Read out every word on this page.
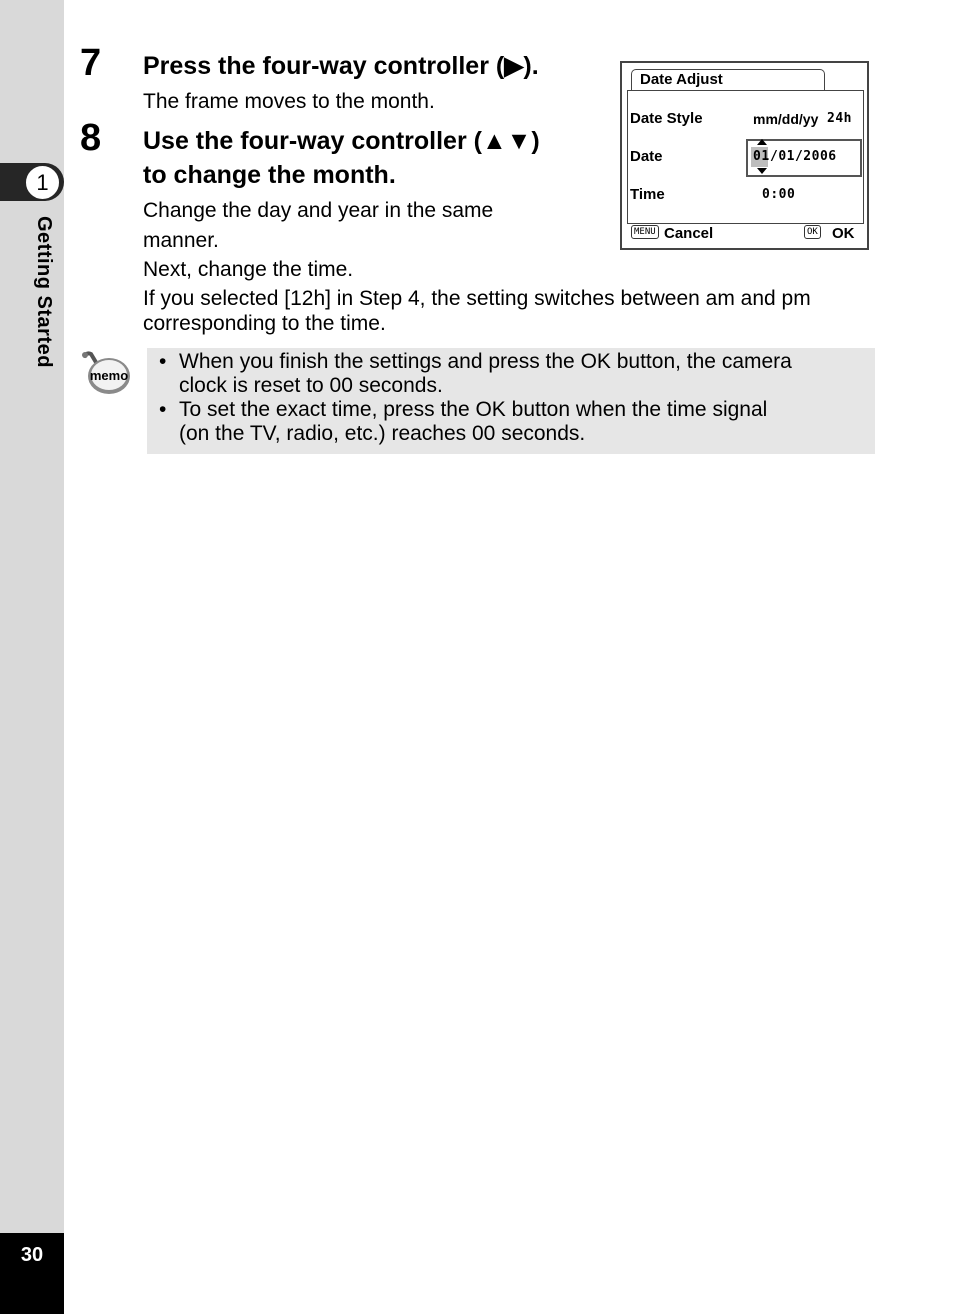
1
Getting Started
30
7 Press the four-way controller (▶).
The frame moves to the month.
8 Use the four-way controller (▲▼)
to change the month.
Change the day and year in the same
manner.
Next, change the time.
If you selected [12h] in Step 4, the setting switches between am and pm
corresponding to the time.
Date Adjust
Date Style	mm/dd/yy 24h
Date	01 /01/2006
Time	0:00
MENU Cancel	OK OK
memo
• When you finish the settings and press the OK button, the camera
clock is reset to 00 seconds.
• To set the exact time, press the OK button when the time signal
(on the TV, radio, etc.) reaches 00 seconds.
